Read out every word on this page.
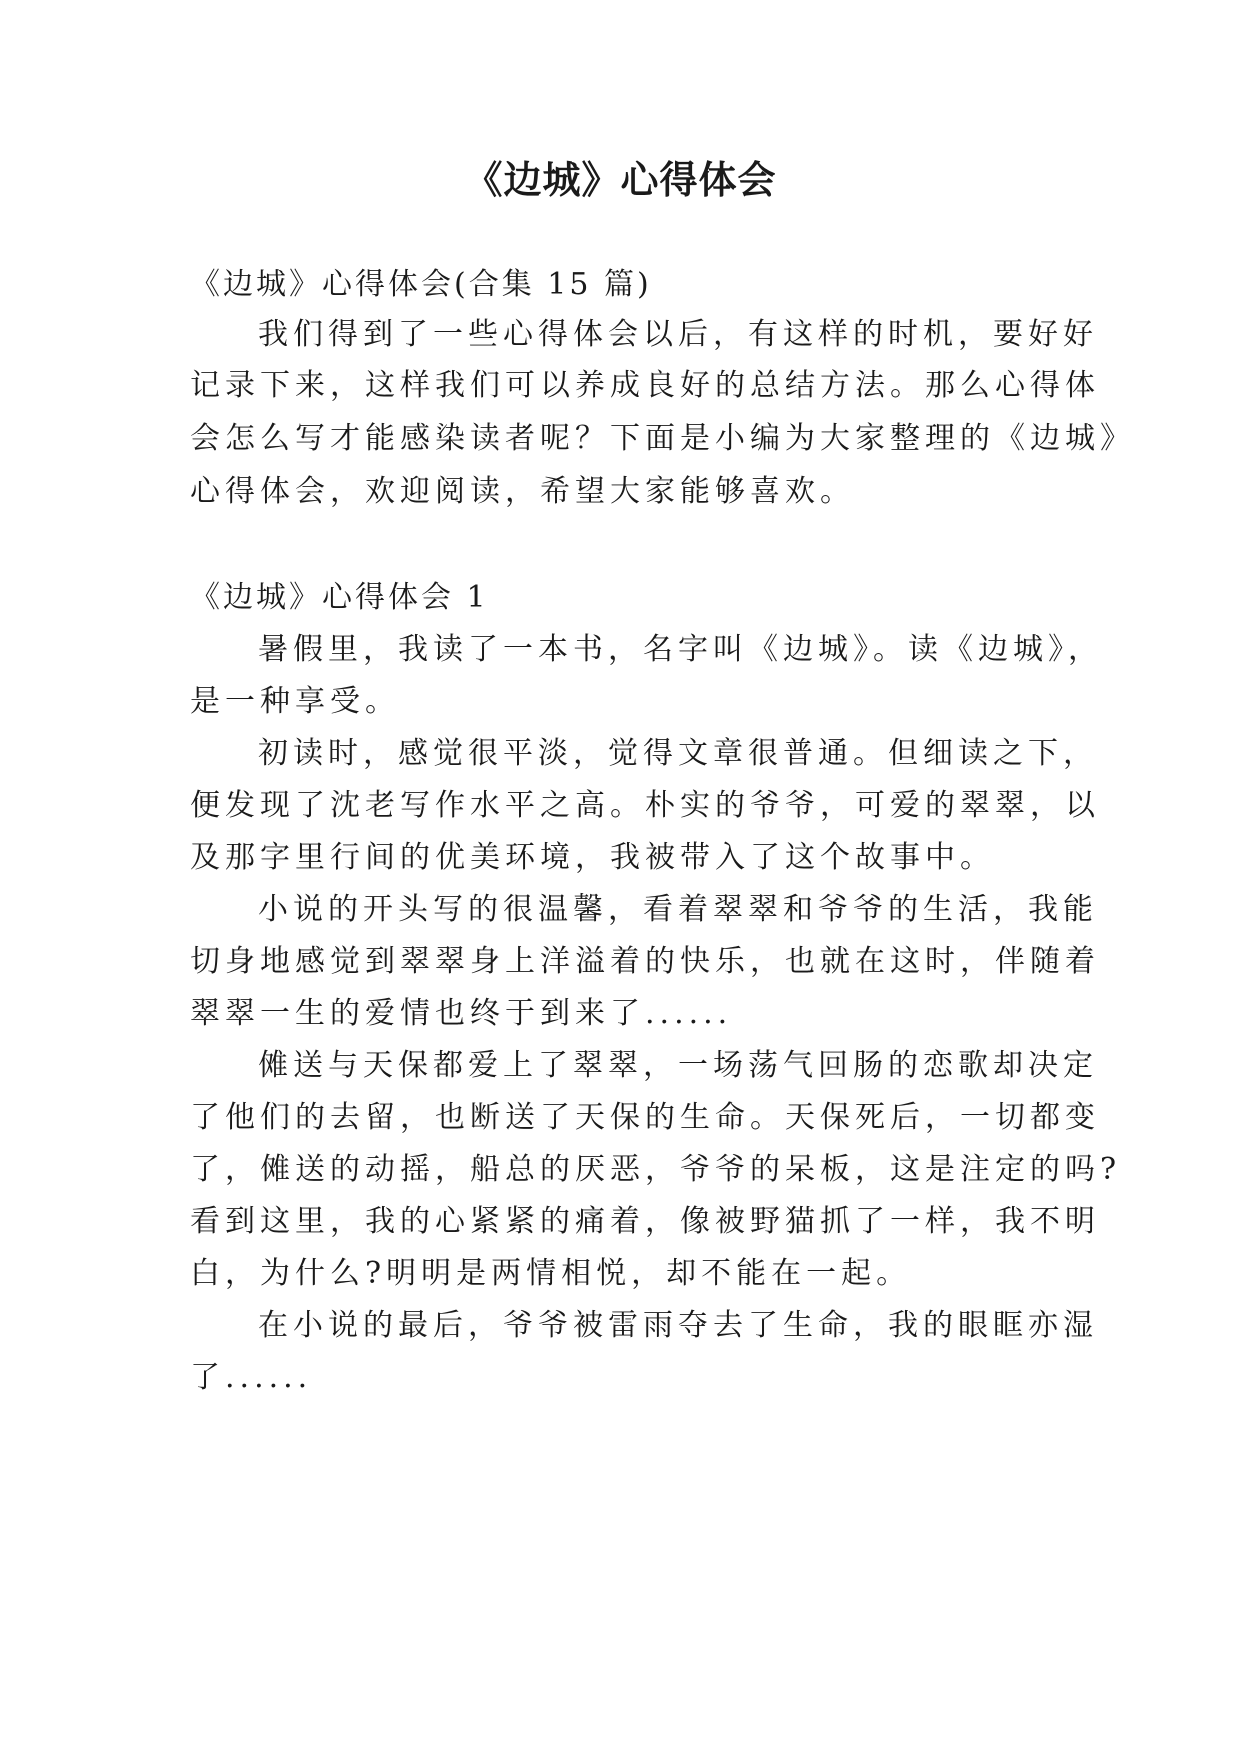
《边城》心得体会
《边城》心得体会(合集 15 篇)
我们得到了一些心得体会以后，有这样的时机，要好好
记录下来，这样我们可以养成良好的总结方法。那么心得体
会怎么写才能感染读者呢？下面是小编为大家整理的《边城》
心得体会，欢迎阅读，希望大家能够喜欢。
《边城》心得体会 1
暑假里，我读了一本书，名字叫《边城》。读《边城》，
是一种享受。
初读时，感觉很平淡，觉得文章很普通。但细读之下，
便发现了沈老写作水平之高。朴实的爷爷，可爱的翠翠，以
及那字里行间的优美环境，我被带入了这个故事中。
小说的开头写的很温馨，看着翠翠和爷爷的生活，我能
切身地感觉到翠翠身上洋溢着的快乐，也就在这时，伴随着
翠翠一生的爱情也终于到来了......
傩送与天保都爱上了翠翠，一场荡气回肠的恋歌却决定
了他们的去留，也断送了天保的生命。天保死后，一切都变
了，傩送的动摇，船总的厌恶，爷爷的呆板，这是注定的吗?
看到这里，我的心紧紧的痛着，像被野猫抓了一样，我不明
白，为什么?明明是两情相悦，却不能在一起。
在小说的最后，爷爷被雷雨夺去了生命，我的眼眶亦湿
了......
